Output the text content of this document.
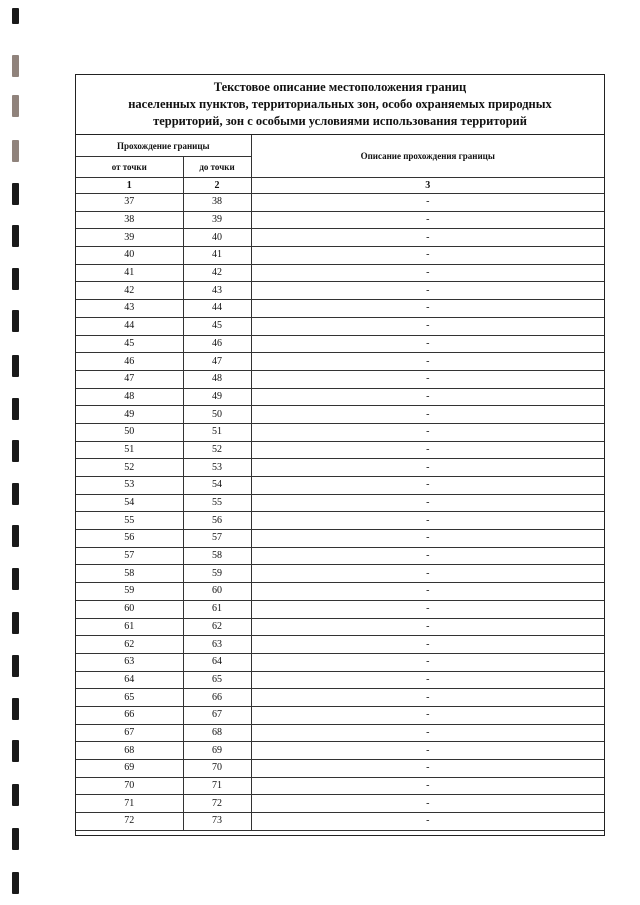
Текстовое описание местоположения границ
населенных пунктов, территориальных зон, особо охраняемых природных
территорий, зон с особыми условиями использования территорий
Прохождение границы		Описание прохождения границы
от точки	до точки	
1	2	3
37	38	-
38	39	-
39	40	-
40	41	-
41	42	-
42	43	-
43	44	-
44	45	-
45	46	-
46	47	-
47	48	-
48	49	-
49	50	-
50	51	-
51	52	-
52	53	-
53	54	-
54	55	-
55	56	-
56	57	-
57	58	-
58	59	-
59	60	-
60	61	-
61	62	-
62	63	-
63	64	-
64	65	-
65	66	-
66	67	-
67	68	-
68	69	-
69	70	-
70	71	-
71	72	-
72	73	-
